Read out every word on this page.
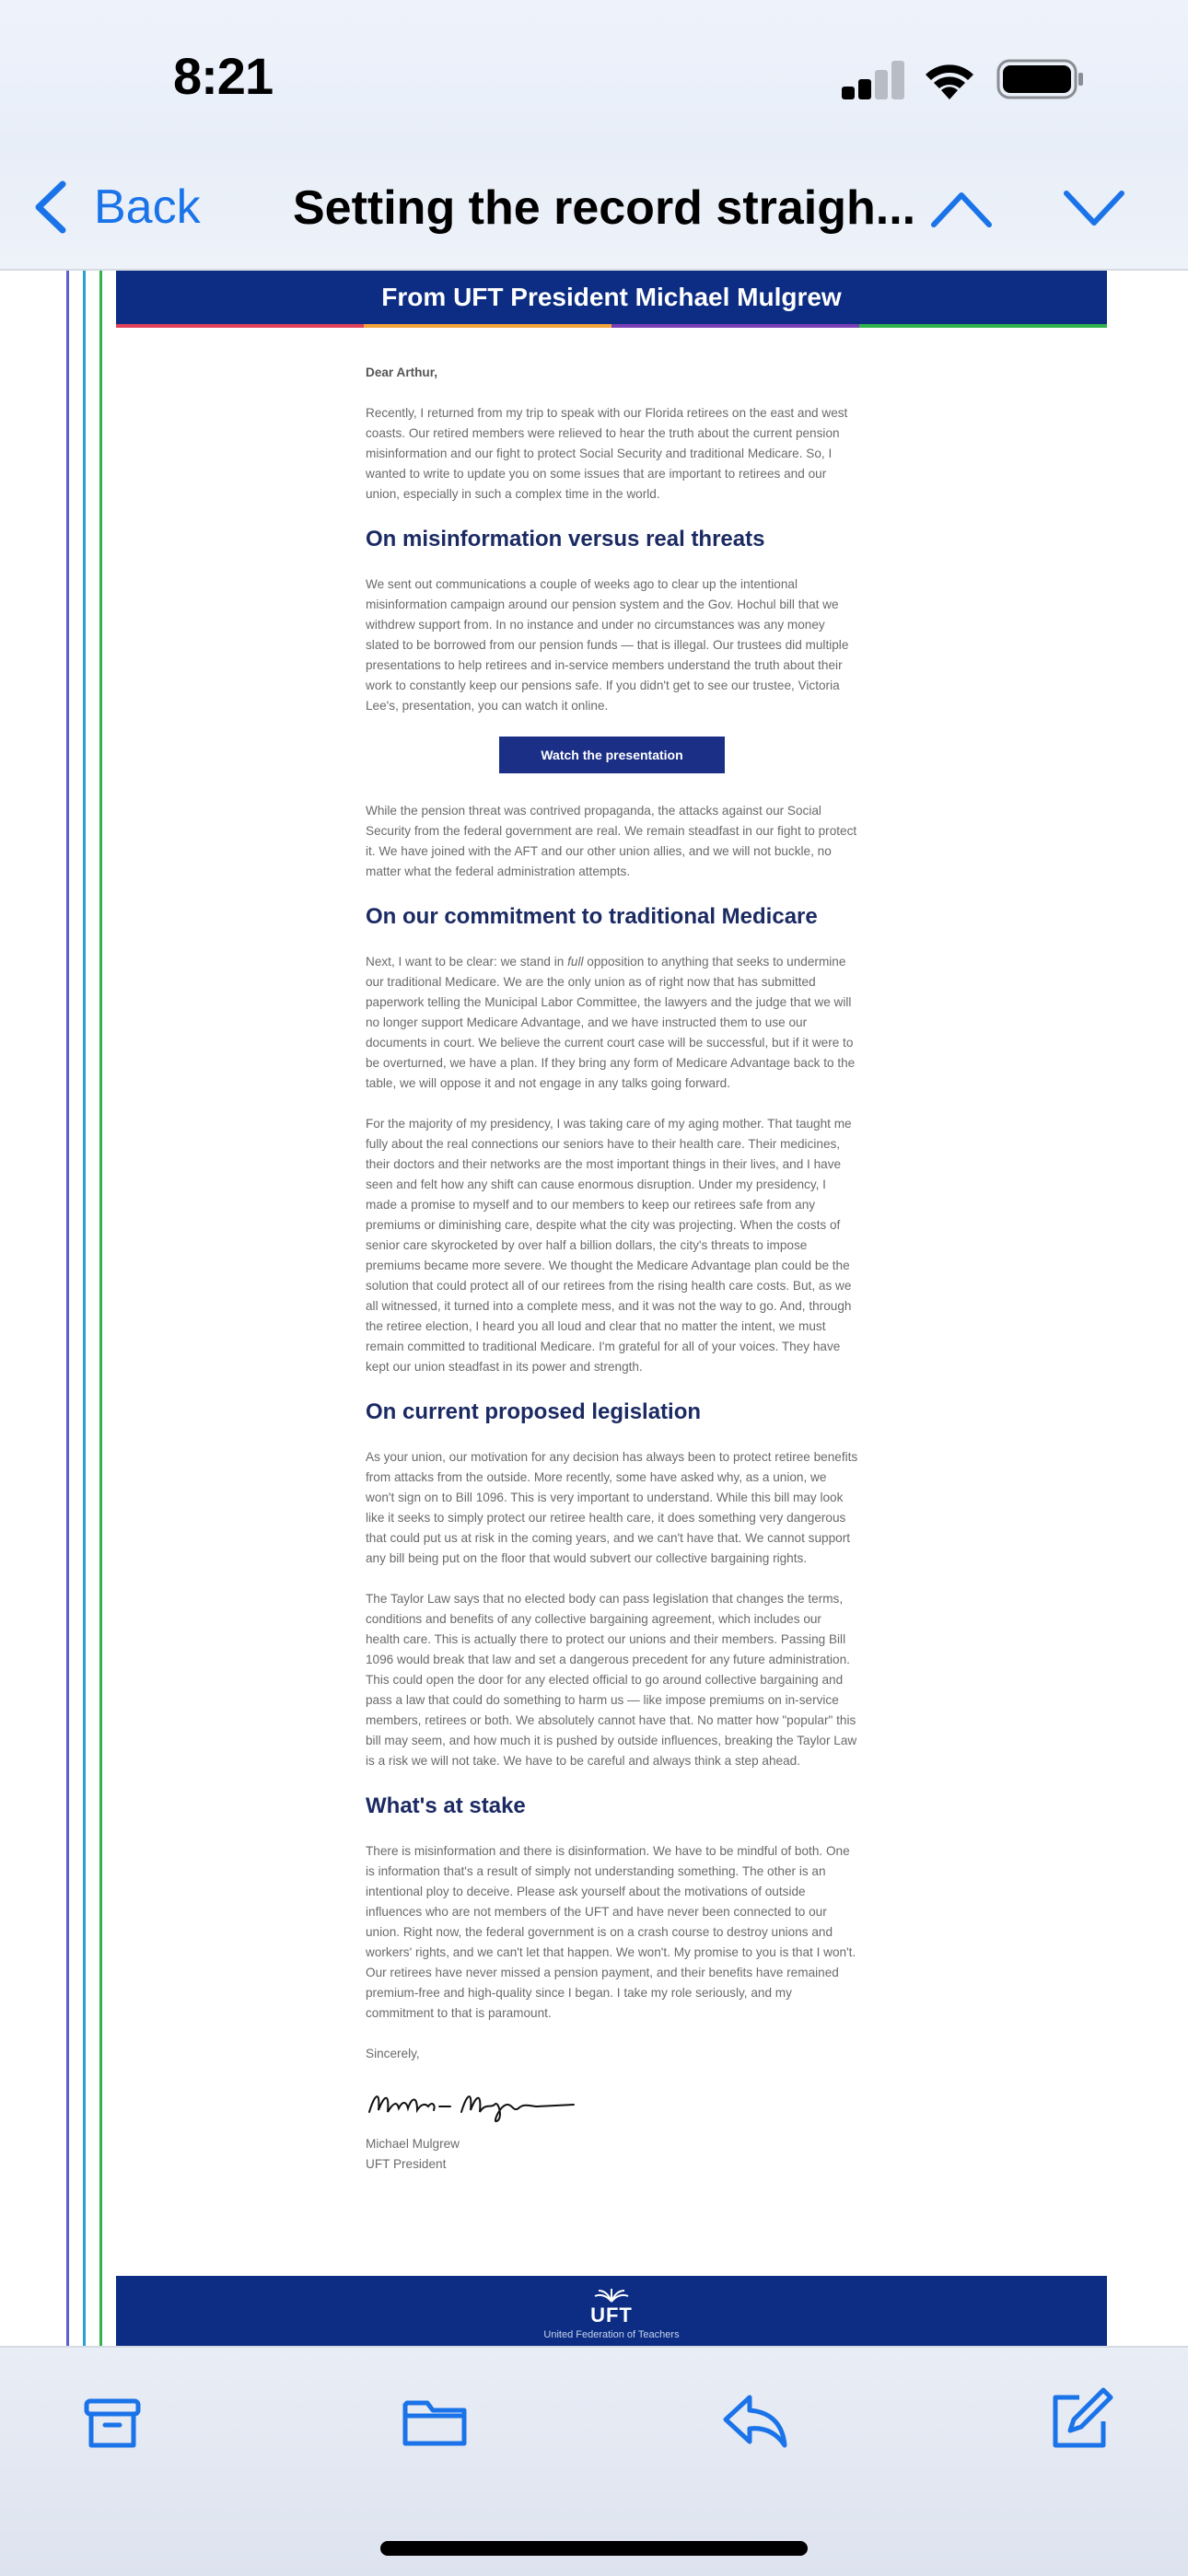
8:21
Back Setting the record straigh...
From UFT President Michael Mulgrew

Dear Arthur,

Recently, I returned from my trip to speak with our Florida retirees on the east and west coasts. Our retired members were relieved to hear the truth about the current pension misinformation and our fight to protect Social Security and traditional Medicare. So, I wanted to write to update you on some issues that are important to retirees and our union, especially in such a complex time in the world.

On misinformation versus real threats

We sent out communications a couple of weeks ago to clear up the intentional misinformation campaign around our pension system and the Gov. Hochul bill that we withdrew support from. In no instance and under no circumstances was any money slated to be borrowed from our pension funds — that is illegal. Our trustees did multiple presentations to help retirees and in-service members understand the truth about their work to constantly keep our pensions safe. If you didn't get to see our trustee, Victoria Lee's, presentation, you can watch it online.

Watch the presentation

While the pension threat was contrived propaganda, the attacks against our Social Security from the federal government are real. We remain steadfast in our fight to protect it. We have joined with the AFT and our other union allies, and we will not buckle, no matter what the federal administration attempts.

On our commitment to traditional Medicare

Next, I want to be clear: we stand in full opposition to anything that seeks to undermine our traditional Medicare. We are the only union as of right now that has submitted paperwork telling the Municipal Labor Committee, the lawyers and the judge that we will no longer support Medicare Advantage, and we have instructed them to use our documents in court. We believe the current court case will be successful, but if it were to be overturned, we have a plan. If they bring any form of Medicare Advantage back to the table, we will oppose it and not engage in any talks going forward.

For the majority of my presidency, I was taking care of my aging mother. That taught me fully about the real connections our seniors have to their health care. Their medicines, their doctors and their networks are the most important things in their lives, and I have seen and felt how any shift can cause enormous disruption. Under my presidency, I made a promise to myself and to our members to keep our retirees safe from any premiums or diminishing care, despite what the city was projecting. When the costs of senior care skyrocketed by over half a billion dollars, the city's threats to impose premiums became more severe. We thought the Medicare Advantage plan could be the solution that could protect all of our retirees from the rising health care costs. But, as we all witnessed, it turned into a complete mess, and it was not the way to go. And, through the retiree election, I heard you all loud and clear that no matter the intent, we must remain committed to traditional Medicare. I'm grateful for all of your voices. They have kept our union steadfast in its power and strength.

On current proposed legislation

As your union, our motivation for any decision has always been to protect retiree benefits from attacks from the outside. More recently, some have asked why, as a union, we won't sign on to Bill 1096. This is very important to understand. While this bill may look like it seeks to simply protect our retiree health care, it does something very dangerous that could put us at risk in the coming years, and we can't have that. We cannot support any bill being put on the floor that would subvert our collective bargaining rights.

The Taylor Law says that no elected body can pass legislation that changes the terms, conditions and benefits of any collective bargaining agreement, which includes our health care. This is actually there to protect our unions and their members. Passing Bill 1096 would break that law and set a dangerous precedent for any future administration. This could open the door for any elected official to go around collective bargaining and pass a law that could do something to harm us — like impose premiums on in-service members, retirees or both. We absolutely cannot have that. No matter how "popular" this bill may seem, and how much it is pushed by outside influences, breaking the Taylor Law is a risk we will not take. We have to be careful and always think a step ahead.

What's at stake

There is misinformation and there is disinformation. We have to be mindful of both. One is information that's a result of simply not understanding something. The other is an intentional ploy to deceive. Please ask yourself about the motivations of outside influences who are not members of the UFT and have never been connected to our union. Right now, the federal government is on a crash course to destroy unions and workers' rights, and we can't let that happen. We won't. My promise to you is that I won't. Our retirees have never missed a pension payment, and their benefits have remained premium-free and high-quality since I began. I take my role seriously, and my commitment to that is paramount.

Sincerely,

Michael Mulgrew
UFT President

UFT
United Federation of Teachers
